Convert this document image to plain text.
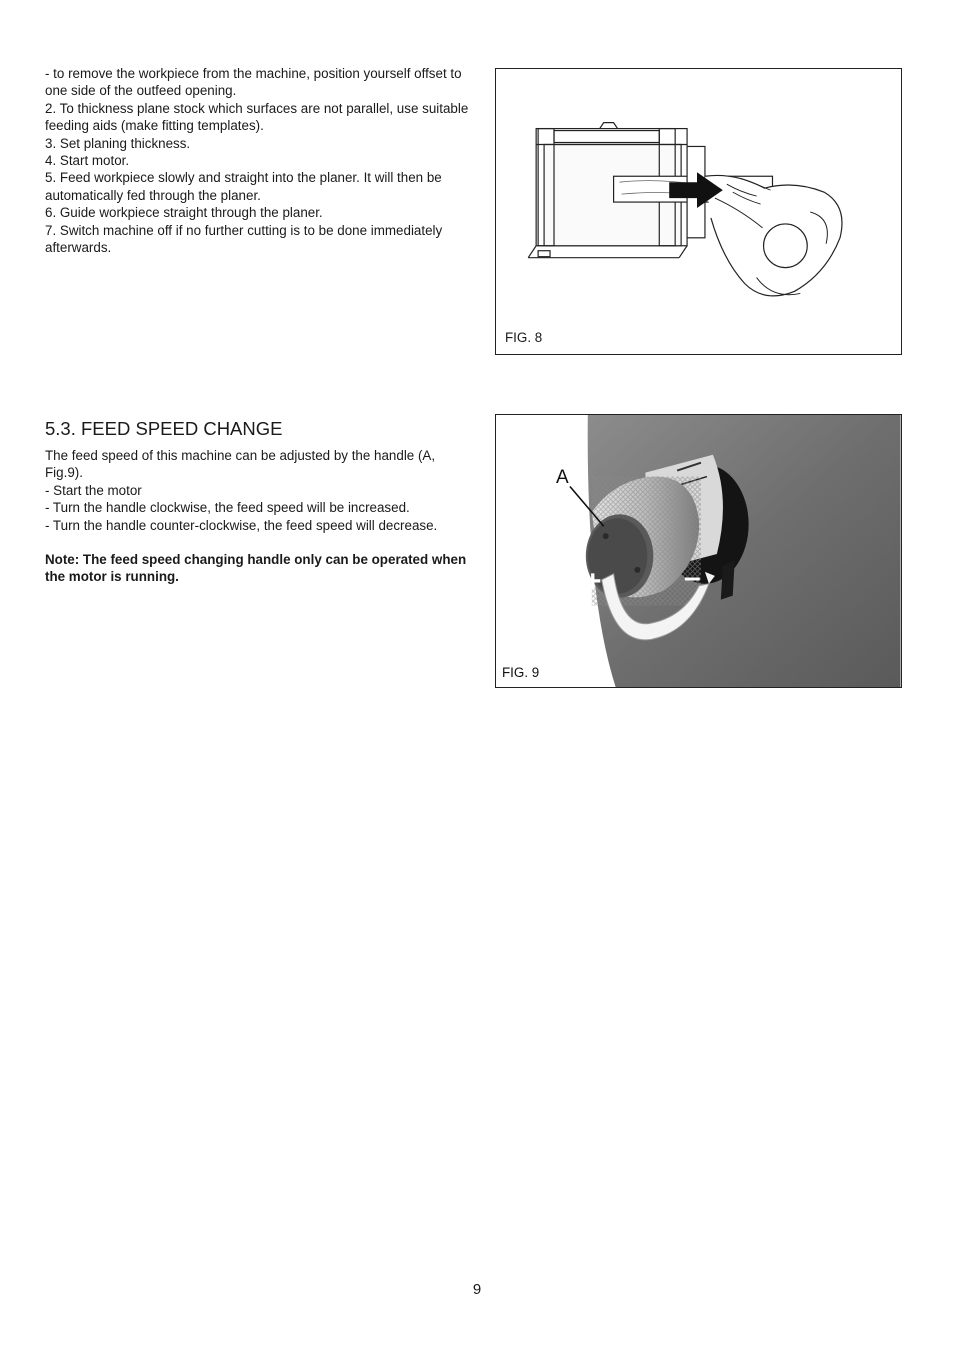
- to remove the workpiece from the machine, position yourself offset to one side of the outfeed opening.

2. To thickness plane stock which surfaces are not parallel, use suitable feeding aids (make fitting templates).

3. Set planing thickness.

4. Start motor.

5. Feed workpiece slowly and straight into the planer. It will then be automatically fed through the planer.

6. Guide workpiece straight through the planer.

7. Switch machine off if no further cutting is to be done immediately afterwards.

FIG. 8
5.3. FEED SPEED CHANGE

The feed speed of this machine can be adjusted by the handle (A, Fig.9).

- Start the motor

- Turn the handle clockwise, the feed speed will be increased.

- Turn the handle counter-clockwise, the feed speed will decrease.

Note: The feed speed changing handle only can be operated when the motor is running.

A
+	–
FIG. 9
9
